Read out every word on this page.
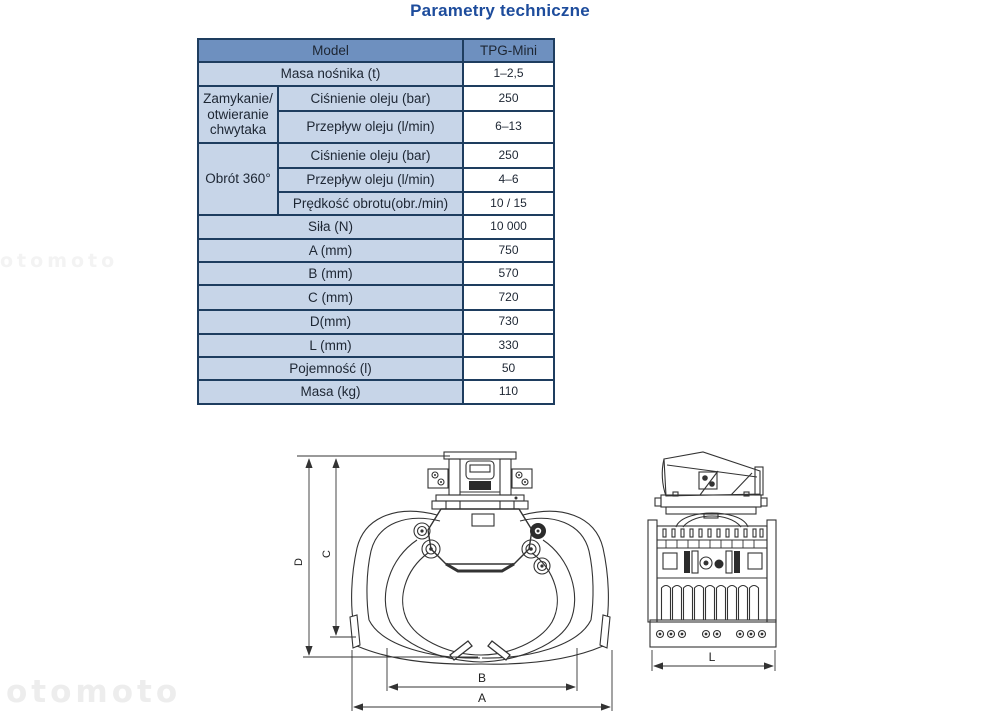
Parametry techniczne
otomoto
otomoto
Model		TPG-Mini
Masa nośnika (t)		1–2,5
Zamykanie/ otwieranie chwytaka	Ciśnienie oleju (bar)	250
	Przepływ oleju (l/min)	6–13
Obrót 360°	Ciśnienie oleju (bar)	250
	Przepływ oleju (l/min)	4–6
	Prędkość obrotu(obr./min)	10 / 15
Siła (N)		10 000
A (mm)		750
B (mm)		570
C (mm)		720
D(mm)		730
L (mm)		330
Pojemność (l)		50
Masa (kg)		110
D
C
B
A
L
